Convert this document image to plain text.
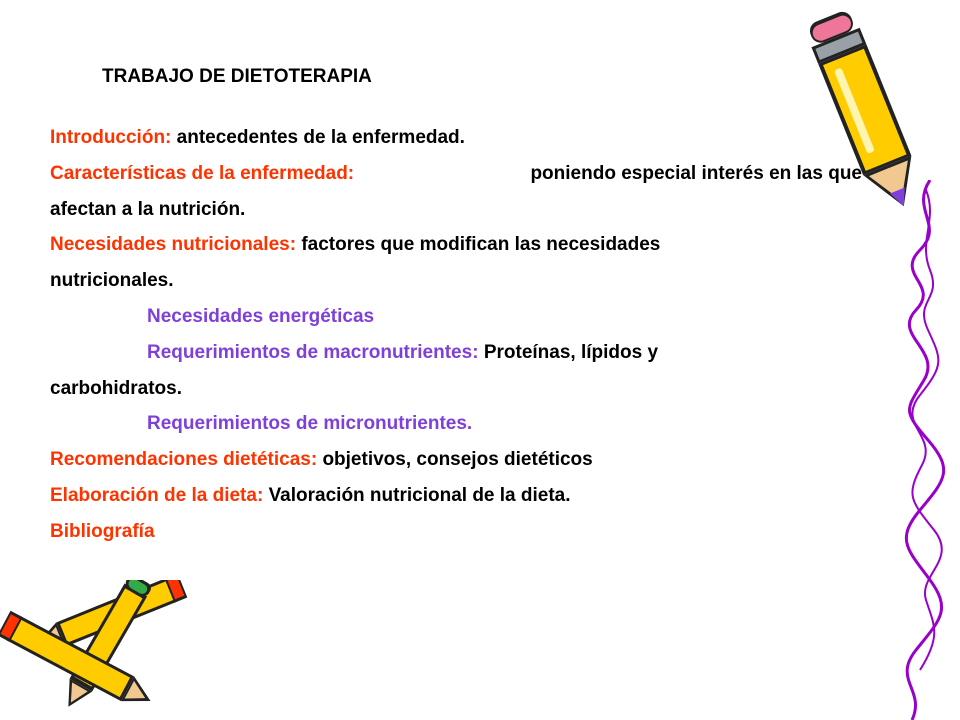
TRABAJO DE DIETOTERAPIA

Introducción: antecedentes de la enfermedad.

Características de la enfermedad:	poniendo especial interés en las que

afectan a la nutrición.

Necesidades nutricionales: factores que modifican las necesidades

nutricionales.

Necesidades energéticas

Requerimientos de macronutrientes: Proteínas, lípidos y

carbohidratos.

Requerimientos de micronutrientes.

Recomendaciones dietéticas: objetivos, consejos dietéticos

Elaboración de la dieta: Valoración nutricional de la dieta.

Bibliografía
